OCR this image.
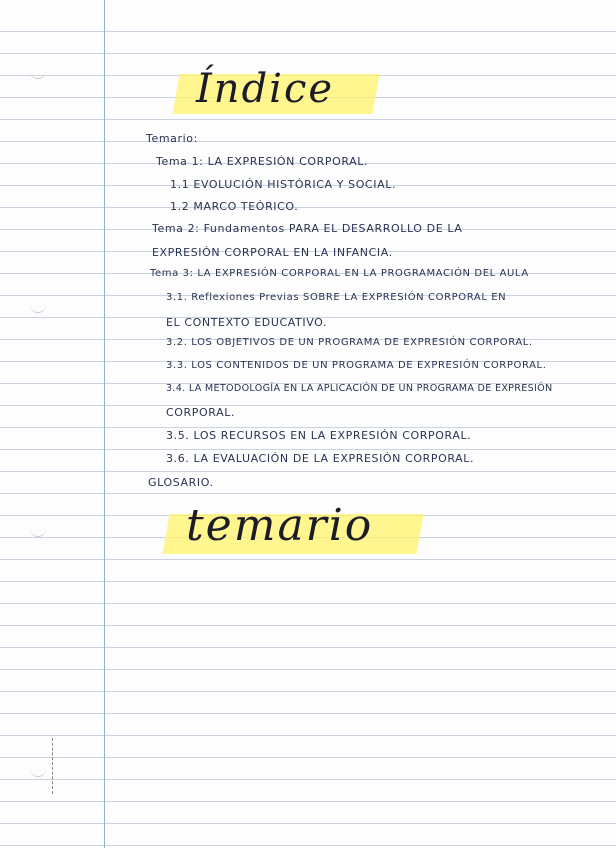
Índice
Temario:
Tema 1: LA EXPRESIÓN CORPORAL.
1.1 EVOLUCIÓN HISTÓRICA Y SOCIAL.
1.2 MARCO TEÓRICO.
Tema 2: Fundamentos PARA EL DESARROLLO DE LA
EXPRESIÓN CORPORAL EN LA INFANCIA.
Tema 3: LA EXPRESIÓN CORPORAL EN LA PROGRAMACIÓN DEL AULA
3.1. Reflexiones Previas SOBRE LA EXPRESIÓN CORPORAL EN
EL CONTEXTO EDUCATIVO.
3.2. LOS OBJETIVOS DE UN PROGRAMA DE EXPRESIÓN CORPORAL.
3.3. LOS CONTENIDOS DE UN PROGRAMA DE EXPRESIÓN CORPORAL.
3.4. LA METODOLOGÍA EN LA APLICACIÓN DE UN PROGRAMA DE EXPRESIÓN
CORPORAL.
3.5. LOS RECURSOS EN LA EXPRESIÓN CORPORAL.
3.6. LA EVALUACIÓN DE LA EXPRESIÓN CORPORAL.
GLOSARIO.
temario
